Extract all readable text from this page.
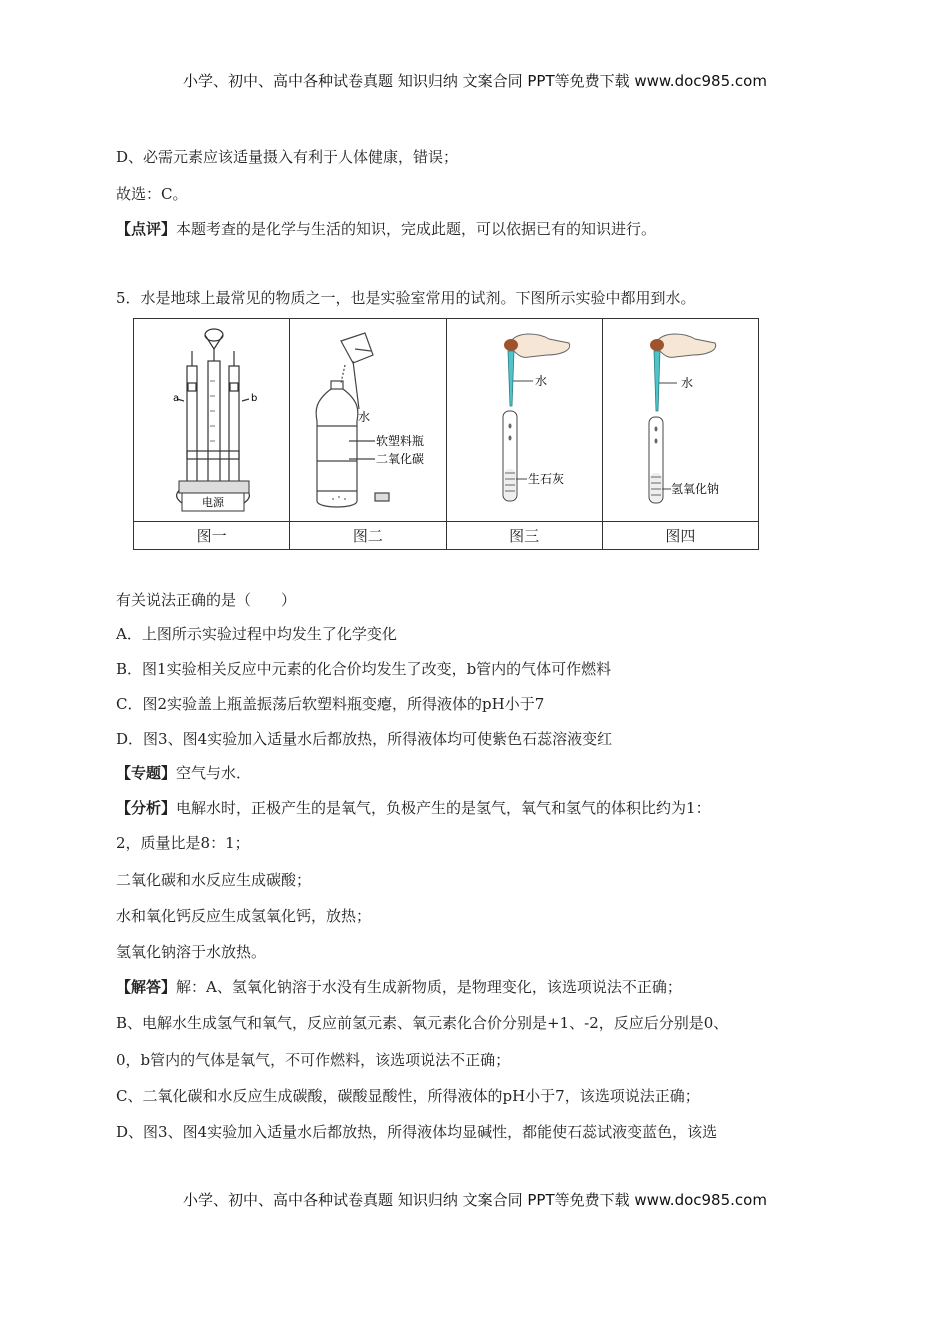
小学、初中、高中各种试卷真题 知识归纳 文案合同 PPT等免费下载 www.doc985.com
D、必需元素应该适量摄入有利于人体健康，错误；
故选：C。
【点评】本题考查的是化学与生活的知识，完成此题，可以依据已有的知识进行。
5．水是地球上最常见的物质之一，也是实验室常用的试剂。下图所示实验中都用到水。
电源
a b	水
软塑料瓶
二氧化碳	水
生石灰	水
氢氧化钠

图一	图二	图三	图四
有关说法正确的是（　　）
A．上图所示实验过程中均发生了化学变化
B．图1实验相关反应中元素的化合价均发生了改变，b管内的气体可作燃料
C．图2实验盖上瓶盖振荡后软塑料瓶变瘪，所得液体的pH小于7
D．图3、图4实验加入适量水后都放热，所得液体均可使紫色石蕊溶液变红
【专题】空气与水．
【分析】电解水时，正极产生的是氧气，负极产生的是氢气，氧气和氢气的体积比约为1：
2，质量比是8：1；
二氧化碳和水反应生成碳酸；
水和氧化钙反应生成氢氧化钙，放热；
氢氧化钠溶于水放热。
【解答】解：A、氢氧化钠溶于水没有生成新物质，是物理变化，该选项说法不正确；
B、电解水生成氢气和氧气，反应前氢元素、氧元素化合价分别是+1、-2，反应后分别是0、
0，b管内的气体是氧气，不可作燃料，该选项说法不正确；
C、二氧化碳和水反应生成碳酸，碳酸显酸性，所得液体的pH小于7，该选项说法正确；
D、图3、图4实验加入适量水后都放热，所得液体均显碱性，都能使石蕊试液变蓝色，该选
小学、初中、高中各种试卷真题 知识归纳 文案合同 PPT等免费下载 www.doc985.com
